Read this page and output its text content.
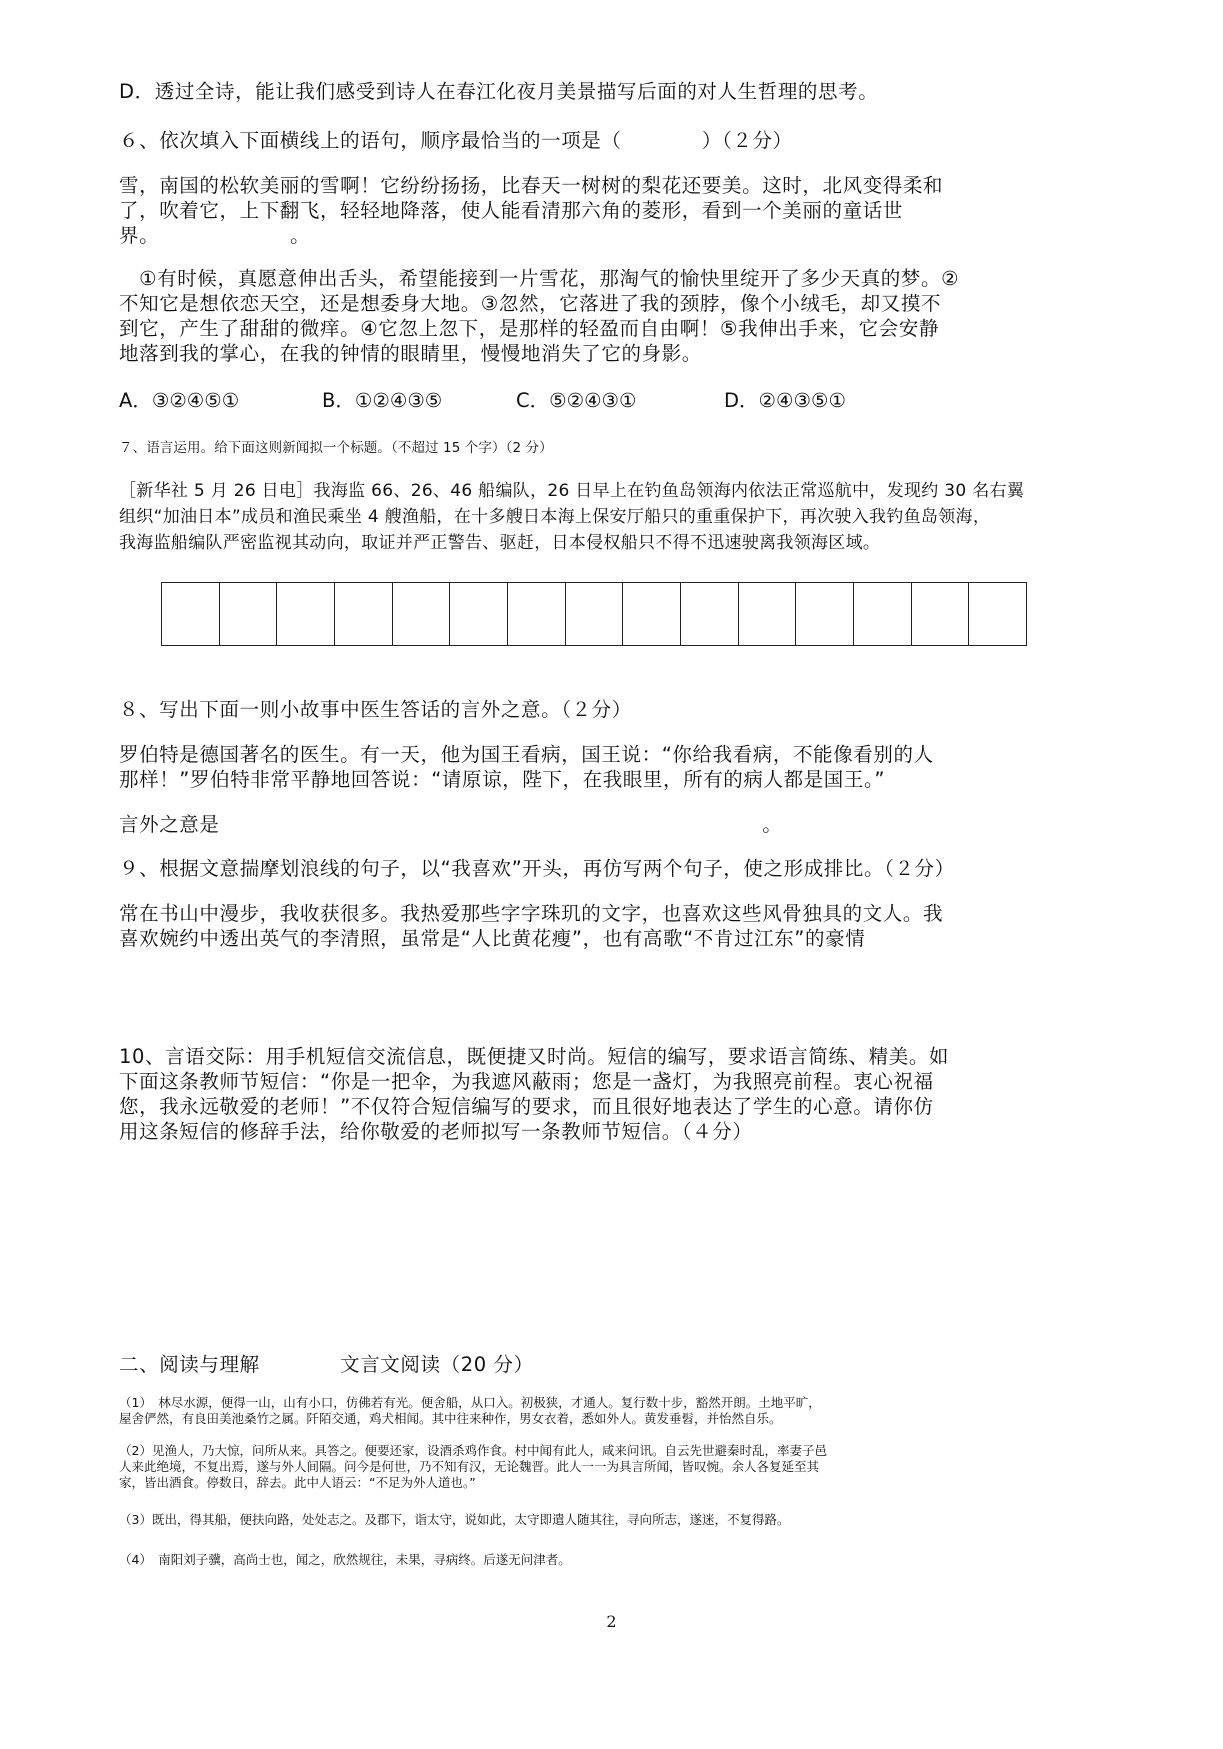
D．透过全诗，能让我们感受到诗人在春江化夜月美景描写后面的对人生哲理的思考。

６、依次填入下面横线上的语句，顺序最恰当的一项是（　　　　）（２分）

雪，南国的松软美丽的雪啊！它纷纷扬扬，比春天一树树的梨花还要美。这时，北风变得柔和

了，吹着它，上下翻飞，轻轻地降落，使人能看清那六角的菱形，看到一个美丽的童话世

界。　　　　　　　。

　①有时候，真愿意伸出舌头，希望能接到一片雪花，那淘气的愉快里绽开了多少天真的梦。②

不知它是想依恋天空，还是想委身大地。③忽然，它落进了我的颈脖，像个小绒毛，却又摸不

到它，产生了甜甜的微痒。④它忽上忽下，是那样的轻盈而自由啊！⑤我伸出手来，它会安静

地落到我的掌心，在我的钟情的眼睛里，慢慢地消失了它的身影。

A．③②④⑤①	B．①②④③⑤	C．⑤②④③①	D．②④③⑤①

７、语言运用。给下面这则新闻拟一个标题。（不超过 15 个字）（2 分）

［新华社 5 月 26 日电］我海监 66、26、46 船编队，26 日早上在钓鱼岛领海内依法正常巡航中，发现约 30 名右翼

组织“加油日本”成员和渔民乘坐 4 艘渔船，在十多艘日本海上保安厅船只的重重保护下，再次驶入我钓鱼岛领海，

我海监船编队严密监视其动向，取证并严正警告、驱赶，日本侵权船只不得不迅速驶离我领海区域。

８、写出下面一则小故事中医生答话的言外之意。（２分）

罗伯特是德国著名的医生。有一天，他为国王看病，国王说：“你给我看病，不能像看别的人

那样！”罗伯特非常平静地回答说：“请原谅，陛下，在我眼里，所有的病人都是国王。”

言外之意是　　　　　　　　　　　　　　　　　　　　　　　　　　　。

９、根据文意揣摩划浪线的句子，以“我喜欢”开头，再仿写两个句子，使之形成排比。（２分）

常在书山中漫步，我收获很多。我热爱那些字字珠玑的文字，也喜欢这些风骨独具的文人。我

喜欢婉约中透出英气的李清照，虽常是“人比黄花瘦”，也有高歌“不肯过江东”的豪情

10、言语交际：用手机短信交流信息，既便捷又时尚。短信的编写，要求语言简练、精美。如

下面这条教师节短信：“你是一把伞，为我遮风蔽雨；您是一盏灯，为我照亮前程。衷心祝福

您，我永远敬爱的老师！”不仅符合短信编写的要求，而且很好地表达了学生的心意。请你仿

用这条短信的修辞手法，给你敬爱的老师拟写一条教师节短信。（４分）

二、阅读与理解　　　　文言文阅读（20 分）

（1）　林尽水源，便得一山，山有小口，仿佛若有光。便舍船，从口入。初极狭，才通人。复行数十步，豁然开朗。土地平旷，

屋舍俨然，有良田美池桑竹之属。阡陌交通，鸡犬相闻。其中往来种作，男女衣着，悉如外人。黄发垂髫，并怡然自乐。

（2）见渔人，乃大惊，问所从来。具答之。便要还家，设酒杀鸡作食。村中闻有此人，咸来问讯。自云先世避秦时乱，率妻子邑

人来此绝境，不复出焉，遂与外人间隔。问今是何世，乃不知有汉，无论魏晋。此人一一为具言所闻，皆叹惋。余人各复延至其

家，皆出酒食。停数日，辞去。此中人语云：“不足为外人道也。”

（3）既出，得其船，便扶向路，处处志之。及郡下，诣太守，说如此，太守即遣人随其往，寻向所志，遂迷，不复得路。

（4）　南阳刘子骥，高尚士也，闻之，欣然规往，未果，寻病终。后遂无问津者。

2
